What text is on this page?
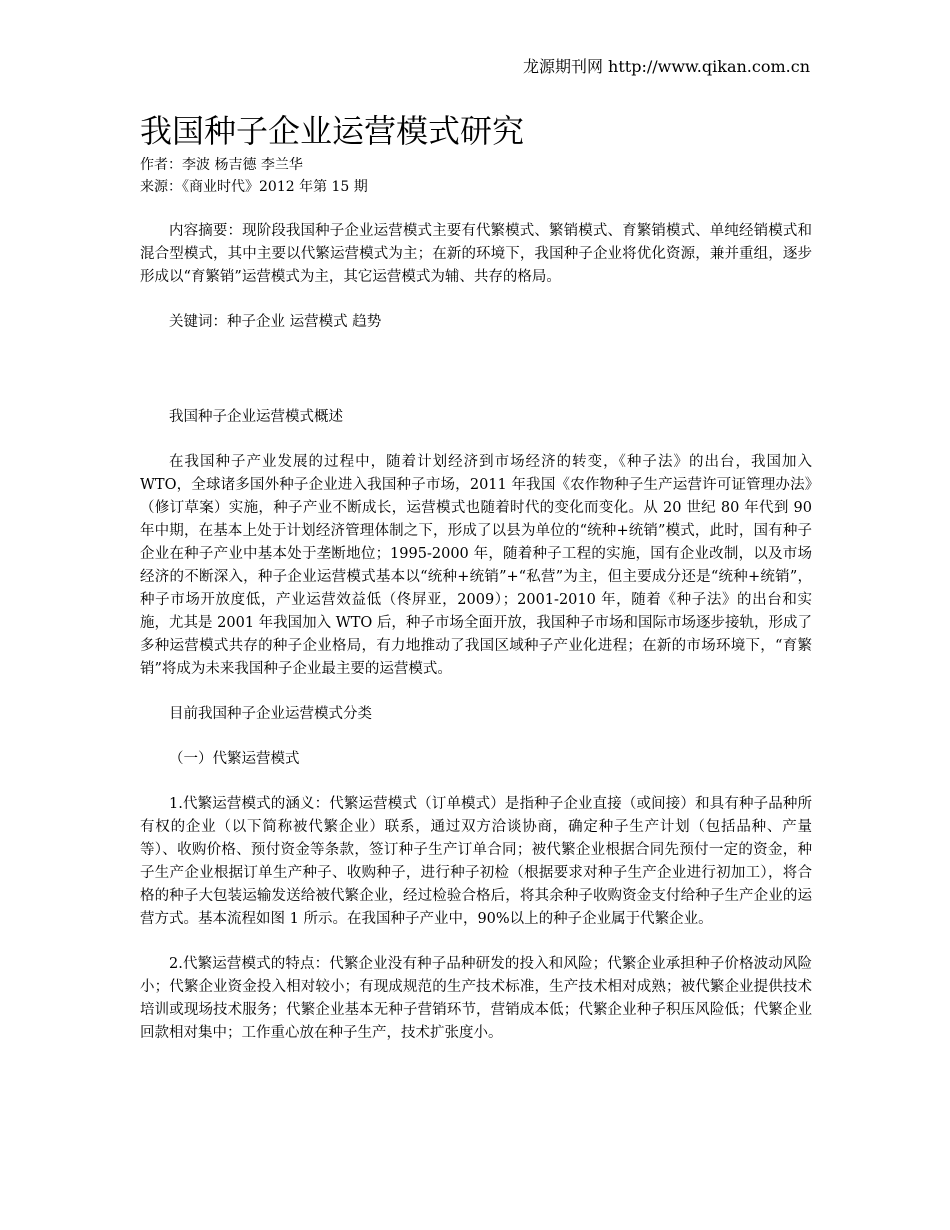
龙源期刊网 http://www.qikan.com.cn
我国种子企业运营模式研究

作者：李波 杨吉德 李兰华

来源：《商业时代》2012 年第 15 期

内容摘要：现阶段我国种子企业运营模式主要有代繁模式、繁销模式、育繁销模式、单纯经销模式和混合型模式，其中主要以代繁运营模式为主；在新的环境下，我国种子企业将优化资源，兼并重组，逐步形成以“育繁销”运营模式为主，其它运营模式为辅、共存的格局。

关键词：种子企业 运营模式 趋势

我国种子企业运营模式概述

在我国种子产业发展的过程中，随着计划经济到市场经济的转变，《种子法》的出台，我国加入 WTO，全球诸多国外种子企业进入我国种子市场，2011 年我国《农作物种子生产运营许可证管理办法》（修订草案）实施，种子产业不断成长，运营模式也随着时代的变化而变化。从 20 世纪 80 年代到 90 年中期，在基本上处于计划经济管理体制之下，形成了以县为单位的“统种+统销”模式，此时，国有种子企业在种子产业中基本处于垄断地位；1995-2000 年，随着种子工程的实施，国有企业改制，以及市场经济的不断深入，种子企业运营模式基本以“统种+统销”+“私营”为主，但主要成分还是“统种+统销”，种子市场开放度低，产业运营效益低（佟屏亚，2009）；2001-2010 年，随着《种子法》的出台和实施，尤其是 2001 年我国加入 WTO 后，种子市场全面开放，我国种子市场和国际市场逐步接轨，形成了多种运营模式共存的种子企业格局，有力地推动了我国区域种子产业化进程；在新的市场环境下，“育繁销”将成为未来我国种子企业最主要的运营模式。

目前我国种子企业运营模式分类

（一）代繁运营模式

1.代繁运营模式的涵义：代繁运营模式（订单模式）是指种子企业直接（或间接）和具有种子品种所有权的企业（以下简称被代繁企业）联系，通过双方洽谈协商，确定种子生产计划（包括品种、产量等）、收购价格、预付资金等条款，签订种子生产订单合同；被代繁企业根据合同先预付一定的资金，种子生产企业根据订单生产种子、收购种子，进行种子初检（根据要求对种子生产企业进行初加工），将合格的种子大包装运输发送给被代繁企业，经过检验合格后，将其余种子收购资金支付给种子生产企业的运营方式。基本流程如图 1 所示。在我国种子产业中，90%以上的种子企业属于代繁企业。

2.代繁运营模式的特点：代繁企业没有种子品种研发的投入和风险；代繁企业承担种子价格波动风险小；代繁企业资金投入相对较小；有现成规范的生产技术标准，生产技术相对成熟；被代繁企业提供技术培训或现场技术服务；代繁企业基本无种子营销环节，营销成本低；代繁企业种子积压风险低；代繁企业回款相对集中；工作重心放在种子生产，技术扩张度小。
